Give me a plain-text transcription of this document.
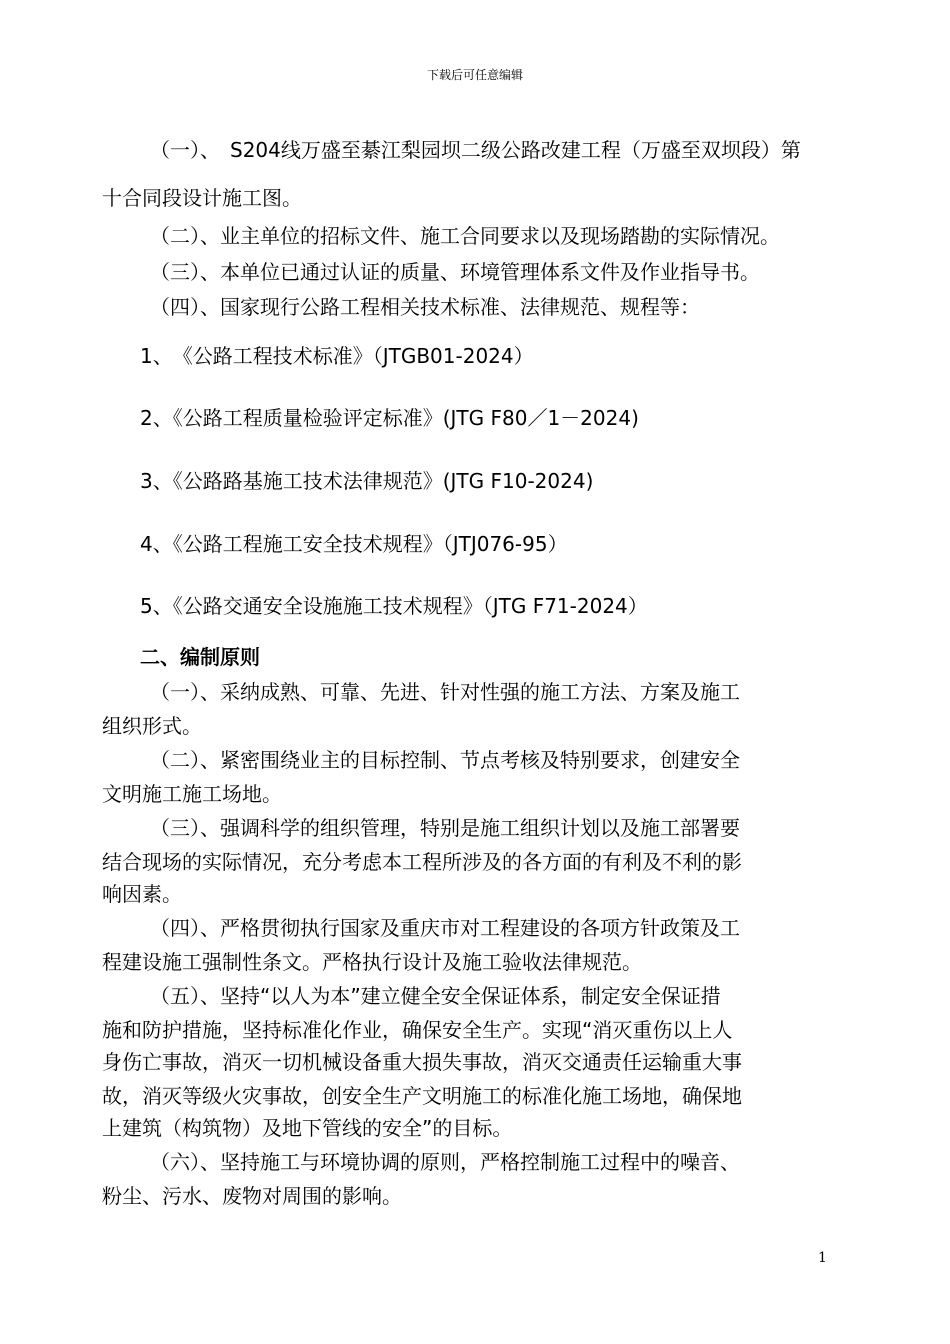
下载后可任意编辑
（一）、　S204线万盛至綦江梨园坝二级公路改建工程（万盛至双坝段）第
十合同段设计施工图。
（二）、业主单位的招标文件、施工合同要求以及现场踏勘的实际情况。
（三）、本单位已通过认证的质量、环境管理体系文件及作业指导书。
（四）、国家现行公路工程相关技术标准、法律规范、规程等：
1、　《公路工程技术标准》（JTGB01-2024）
2、《公路工程质量检验评定标准》(JTG F80／1－2024)
3、《公路路基施工技术法律规范》(JTG F10-2024)
4、《公路工程施工安全技术规程》（JTJ076-95）
5、《公路交通安全设施施工技术规程》（JTG F71-2024）
二、编制原则
（一）、采纳成熟、可靠、先进、针对性强的施工方法、方案及施工
组织形式。
（二）、紧密围绕业主的目标控制、节点考核及特别要求，创建安全
文明施工施工场地。
（三）、强调科学的组织管理，特别是施工组织计划以及施工部署要
结合现场的实际情况，充分考虑本工程所涉及的各方面的有利及不利的影
响因素。
（四）、严格贯彻执行国家及重庆市对工程建设的各项方针政策及工
程建设施工强制性条文。严格执行设计及施工验收法律规范。
（五）、坚持“以人为本”建立健全安全保证体系，制定安全保证措
施和防护措施，坚持标准化作业，确保安全生产。实现“消灭重伤以上人
身伤亡事故，消灭一切机械设备重大损失事故，消灭交通责任运输重大事
故，消灭等级火灾事故，创安全生产文明施工的标准化施工场地，确保地
上建筑（构筑物）及地下管线的安全”的目标。
（六）、坚持施工与环境协调的原则，严格控制施工过程中的噪音、
粉尘、污水、废物对周围的影响。
1
